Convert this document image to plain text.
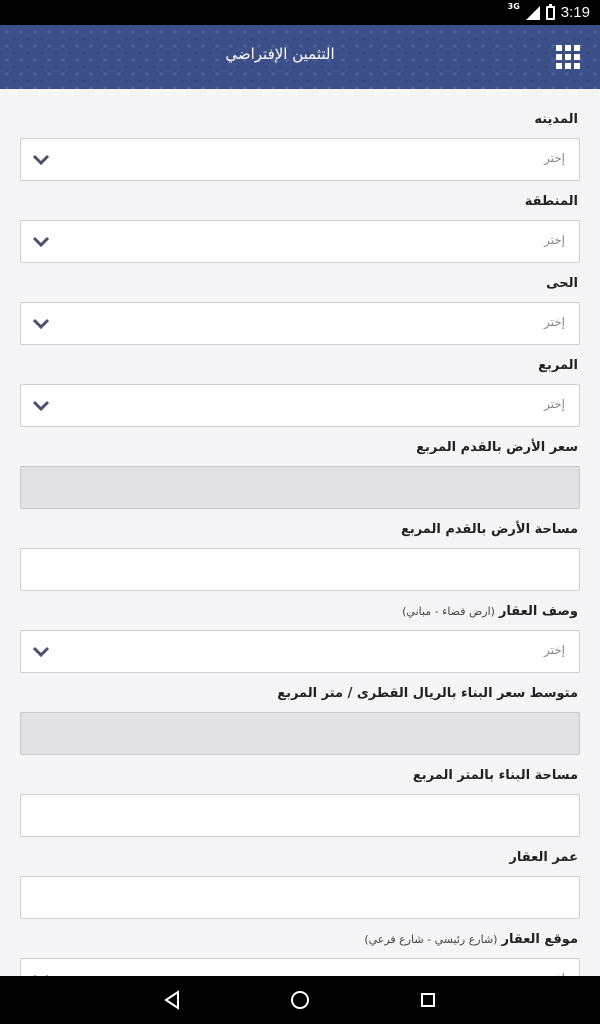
3G	3:19
التثمين الإفتراضي
المدينه
إختر
المنطقة
إختر
الحى
إختر
المربع
إختر
سعر الأرض بالقدم المربع
مساحة الأرض بالقدم المربع
وصف العقار(ارض فضاء - مباني)
إختر
متوسط سعر البناء بالريال القطرى / متر المربع
مساحة البناء بالمتر المربع
عمر العقار
موقع العقار(شارع رئيسي - شارع فرعي)
